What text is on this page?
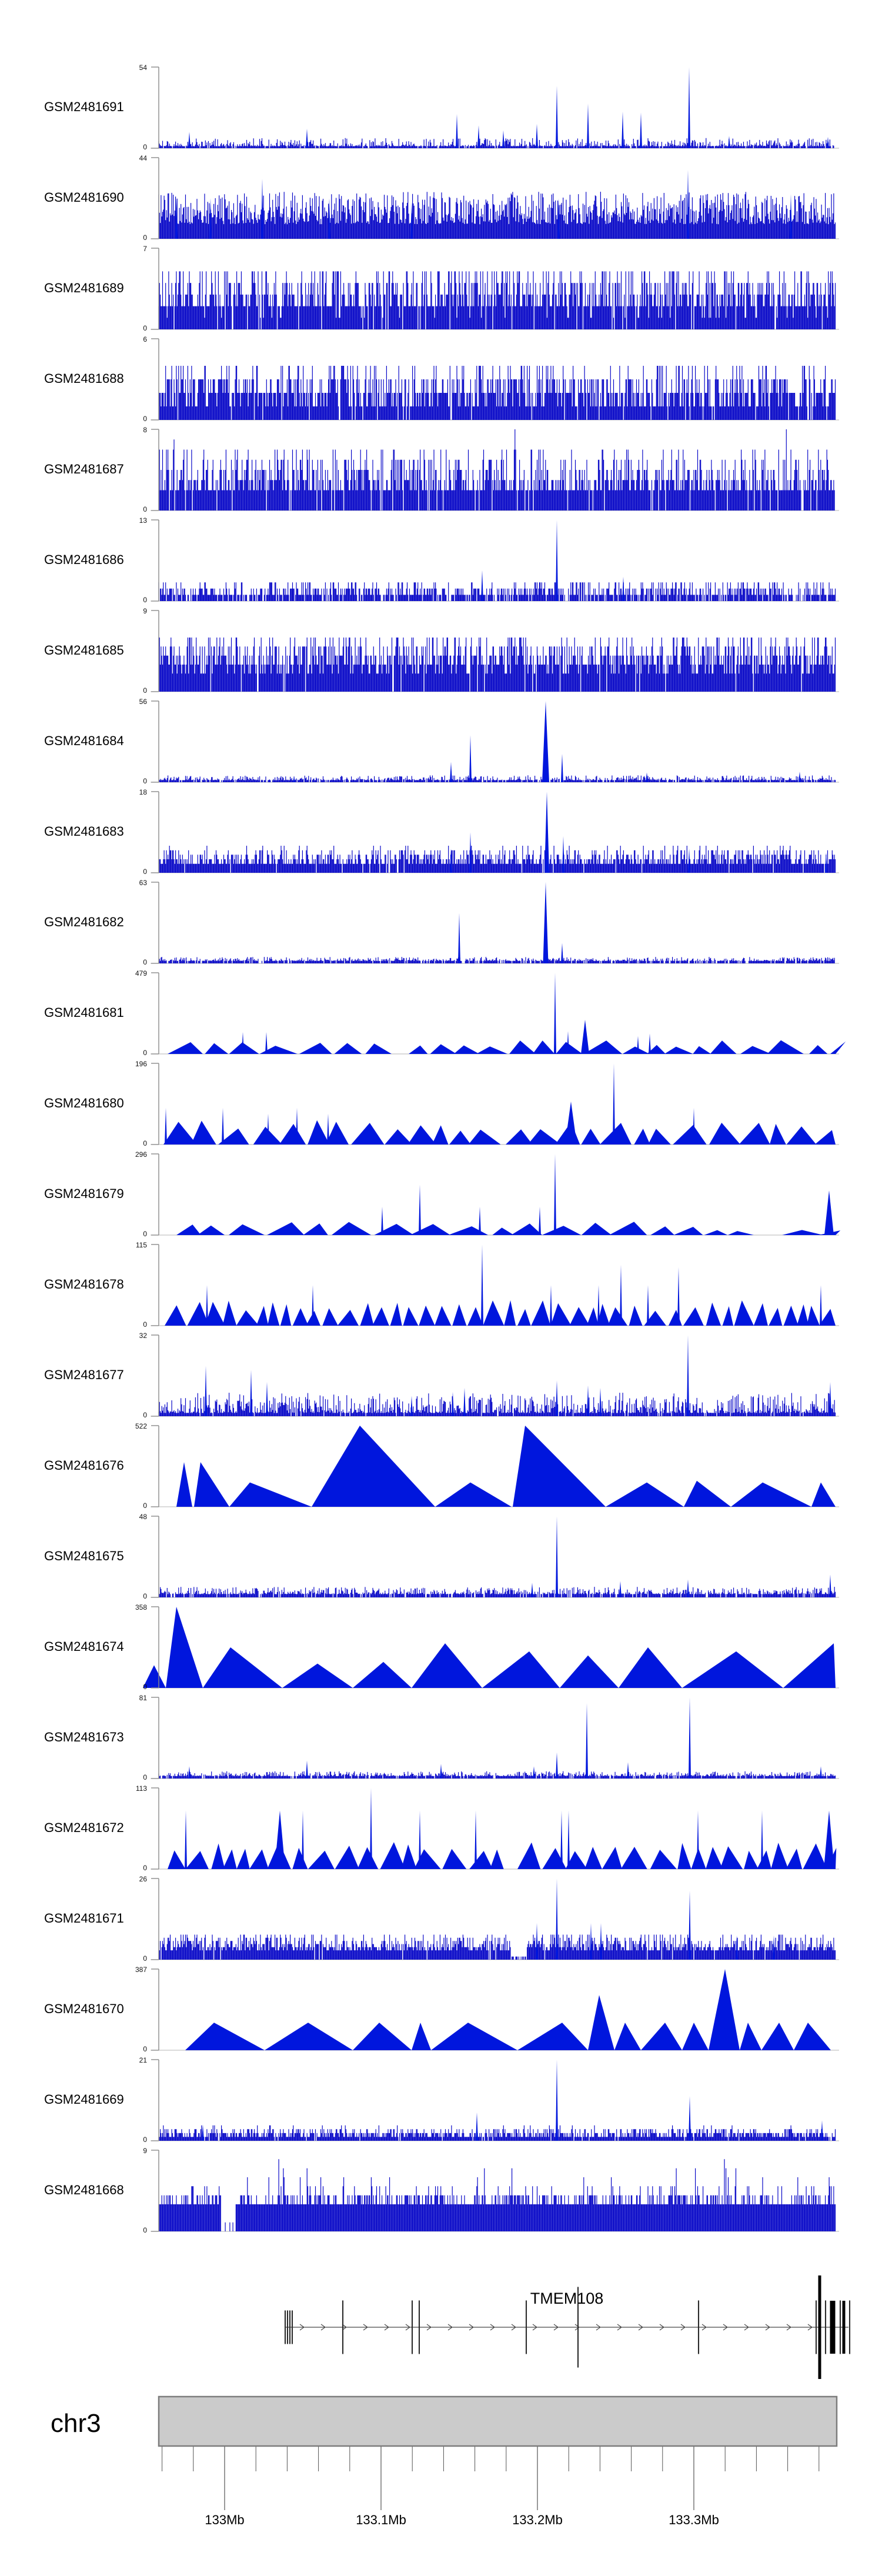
GSM2481691
54
0
GSM2481690
44
0
GSM2481689
7
0
GSM2481688
6
0
GSM2481687
8
0
GSM2481686
13
0
GSM2481685
9
0
GSM2481684
56
0
GSM2481683
18
0
GSM2481682
63
0
GSM2481681
479
0
GSM2481680
196
0
GSM2481679
296
0
GSM2481678
115
0
GSM2481677
32
0
GSM2481676
522
0
GSM2481675
48
0
GSM2481674
358
0
GSM2481673
81
0
GSM2481672
113
0
GSM2481671
26
0
GSM2481670
387
0
GSM2481669
21
0
GSM2481668
9
0
133Mb	133.1Mb	133.2Mb	133.3Mb
TMEM108
chr3
